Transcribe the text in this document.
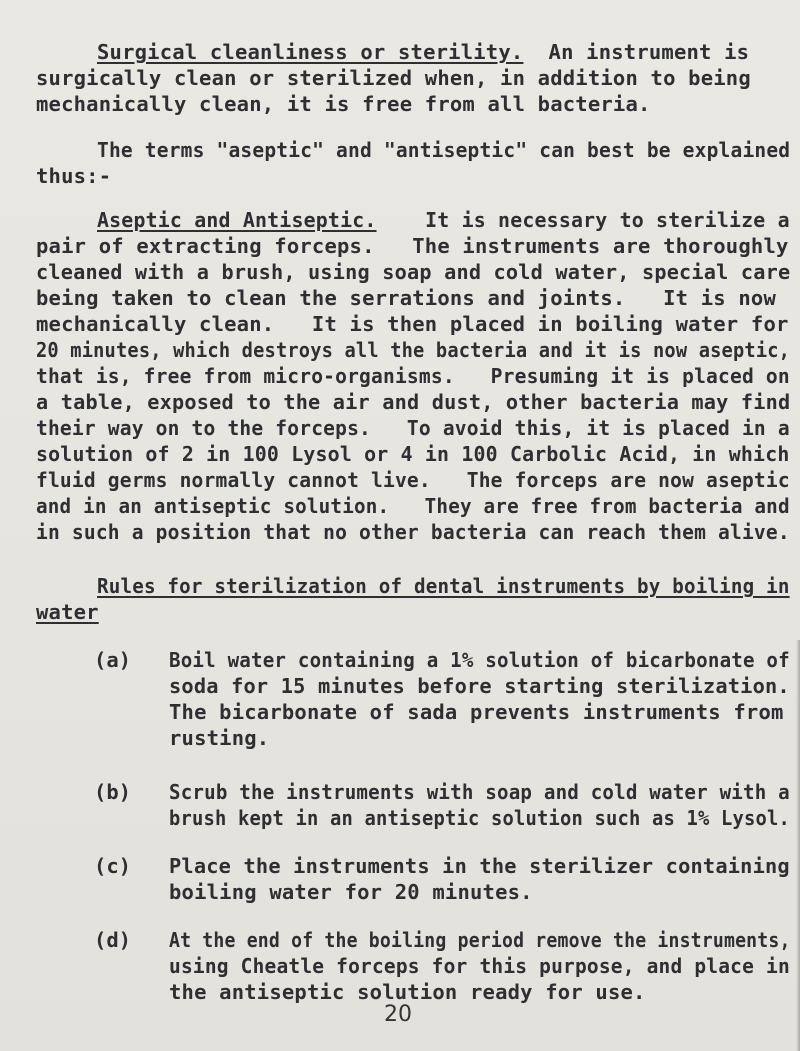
Surgical cleanliness or sterility.  An instrument is
surgically clean or sterilized when, in addition to being
mechanically clean, it is free from all bacteria.
The terms "aseptic" and "antiseptic" can best be explained
thus:-
Aseptic and Antiseptic. It is necessary to sterilize a
pair of extracting forceps.   The instruments are thoroughly
cleaned with a brush, using soap and cold water, special care
being taken to clean the serrations and joints.   It is now
mechanically clean.   It is then placed in boiling water for
20 minutes, which destroys all the bacteria and it is now aseptic,
that is, free from micro-organisms.   Presuming it is placed on
a table, exposed to the air and dust, other bacteria may find
their way on to the forceps.   To avoid this, it is placed in a
solution of 2 in 100 Lysol or 4 in 100 Carbolic Acid, in which
fluid germs normally cannot live.   The forceps are now aseptic
and in an antiseptic solution.   They are free from bacteria and
in such a position that no other bacteria can reach them alive.
Rules for sterilization of dental instruments by boiling in
water
(a) Boil water containing a 1% solution of bicarbonate of
soda for 15 minutes before starting sterilization.
The bicarbonate of sada prevents instruments from
rusting.
(b) Scrub the instruments with soap and cold water with a
brush kept in an antiseptic solution such as 1% Lysol.
(c) Place the instruments in the sterilizer containing
boiling water for 20 minutes.
(d) At the end of the boiling period remove the instruments,
using Cheatle forceps for this purpose, and place in
the antiseptic solution ready for use.
20
